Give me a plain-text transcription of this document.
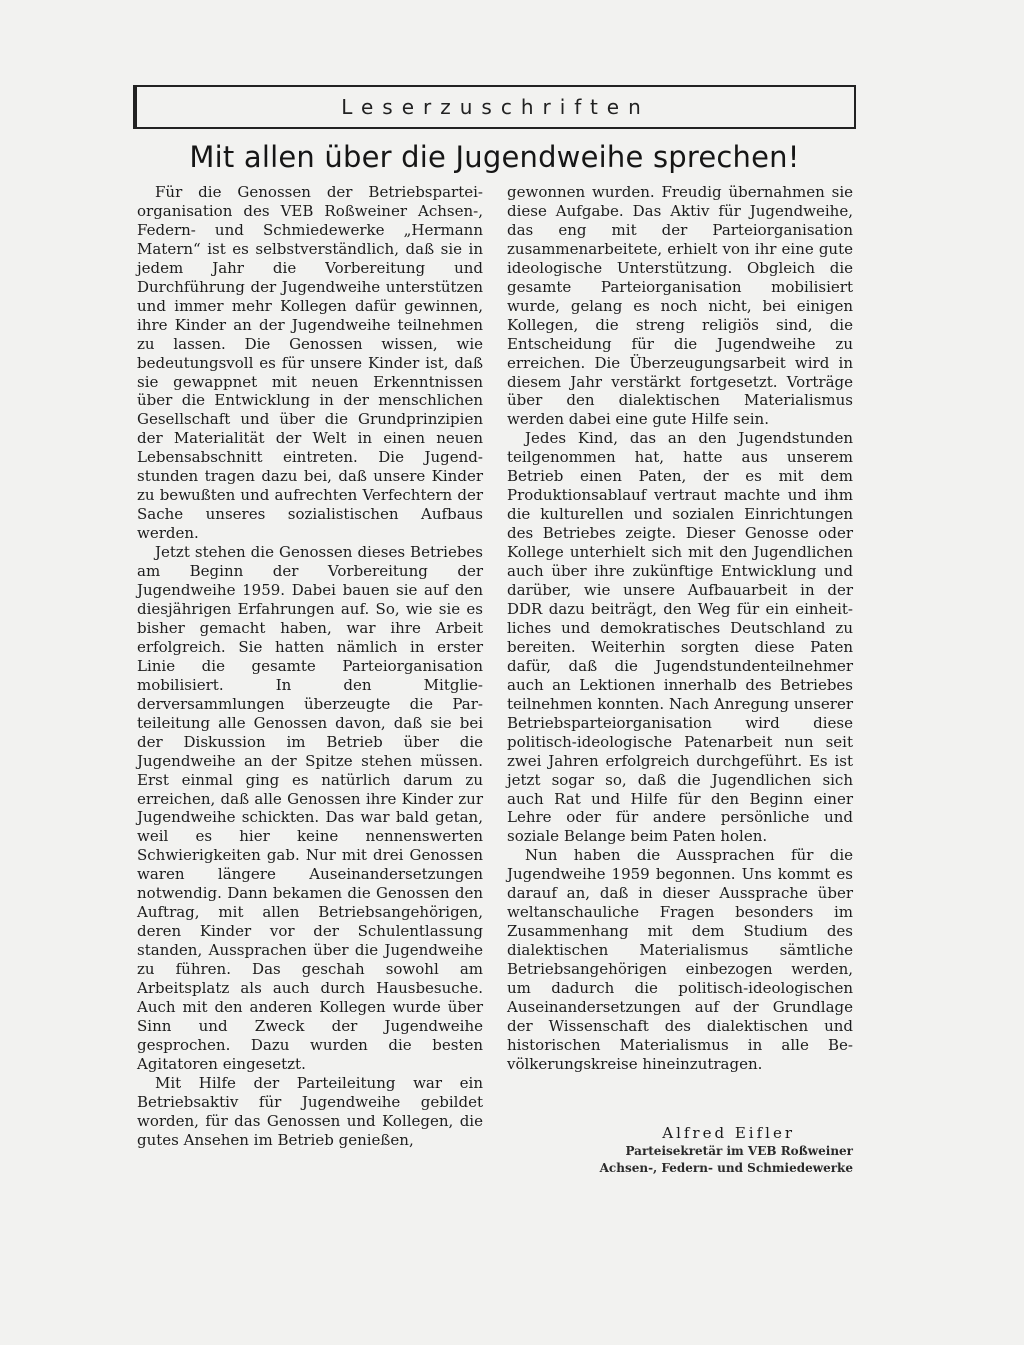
Leserzuschriften
Mit allen über die Jugendweihe sprechen!

Für die Genossen der Betriebsparteiorganisation des VEB Roßweiner Achsen-, Federn- und Schmiedewerke „Hermann Matern“ ist es selbstverständlich, daß sie in jedem Jahr die Vorbereitung und Durchführung der Jugendweihe unterstützen und immer mehr Kollegen dafür gewinnen, ihre Kinder an der Jugendweihe teilnehmen zu lassen. Die Genossen wissen, wie bedeutungsvoll es für unsere Kinder ist, daß sie gewappnet mit neuen Erkenntnissen über die Entwicklung in der menschlichen Gesellschaft und über die Grundprinzipien der Materialität der Welt in einen neuen Lebensabschnitt eintreten. Die Jugendstunden tragen dazu bei, daß unsere Kinder zu bewußten und aufrechten Verfechtern der Sache unseres sozialistischen Aufbaus werden.

Jetzt stehen die Genossen dieses Betriebes am Beginn der Vorbereitung der Jugendweihe 1959. Dabei bauen sie auf den diesjährigen Erfahrungen auf. So, wie sie es bisher gemacht haben, war ihre Arbeit erfolgreich. Sie hatten nämlich in erster Linie die gesamte Parteiorganisation mobilisiert. In den Mitgliederversammlungen überzeugte die Parteileitung alle Genossen davon, daß sie bei der Diskussion im Betrieb über die Jugendweihe an der Spitze stehen müssen. Erst einmal ging es natürlich darum zu erreichen, daß alle Genossen ihre Kinder zur Jugendweihe schickten. Das war bald getan, weil es hier keine nennenswerten Schwierigkeiten gab. Nur mit drei Genossen waren längere Auseinandersetzungen notwendig. Dann bekamen die Genossen den Auftrag, mit allen Betriebsangehörigen, deren Kinder vor der Schulentlassung standen, Aussprachen über die Jugendweihe zu führen. Das geschah sowohl am Arbeitsplatz als auch durch Hausbesuche. Auch mit den anderen Kollegen wurde über Sinn und Zweck der Jugendweihe gesprochen. Dazu wurden die besten Agitatoren eingesetzt.

Mit Hilfe der Parteileitung war ein Betriebsaktiv für Jugendweihe gebildet worden, für das Genossen und Kollegen, die gutes Ansehen im Betrieb genießen,

gewonnen wurden. Freudig übernahmen sie diese Aufgabe. Das Aktiv für Jugendweihe, das eng mit der Parteiorganisation zusammenarbeitete, erhielt von ihr eine gute ideologische Unterstützung. Obgleich die gesamte Parteiorganisation mobilisiert wurde, gelang es noch nicht, bei einigen Kollegen, die streng religiös sind, die Entscheidung für die Jugendweihe zu erreichen. Die Überzeugungsarbeit wird in diesem Jahr verstärkt fortgesetzt. Vorträge über den dialektischen Materialismus werden dabei eine gute Hilfe sein.

Jedes Kind, das an den Jugendstunden teilgenommen hat, hatte aus unserem Betrieb einen Paten, der es mit dem Produktionsablauf vertraut machte und ihm die kulturellen und sozialen Einrichtungen des Betriebes zeigte. Dieser Genosse oder Kollege unterhielt sich mit den Jugendlichen auch über ihre zukünftige Entwicklung und darüber, wie unsere Aufbauarbeit in der DDR dazu beiträgt, den Weg für ein einheitliches und demokratisches Deutschland zu bereiten. Weiterhin sorgten diese Paten dafür, daß die Jugendstundenteilnehmer auch an Lektionen innerhalb des Betriebes teilnehmen konnten. Nach Anregung unserer Betriebsparteiorganisation wird diese politisch-ideologische Patenarbeit nun seit zwei Jahren erfolgreich durchgeführt. Es ist jetzt sogar so, daß die Jugendlichen sich auch Rat und Hilfe für den Beginn einer Lehre oder für andere persönliche und soziale Belange beim Paten holen.

Nun haben die Aussprachen für die Jugendweihe 1959 begonnen. Uns kommt es darauf an, daß in dieser Aussprache über weltanschauliche Fragen besonders im Zusammenhang mit dem Studium des dialektischen Materialismus sämtliche Betriebsangehörigen einbezogen werden, um dadurch die politisch-ideologischen Auseinandersetzungen auf der Grundlage der Wissenschaft des dialektischen und historischen Materialismus in alle Bevölkerungskreise hineinzutragen.

Alfred Eifler
Parteisekretär im VEB Roßweiner
Achsen-, Federn- und Schmiedewerke
